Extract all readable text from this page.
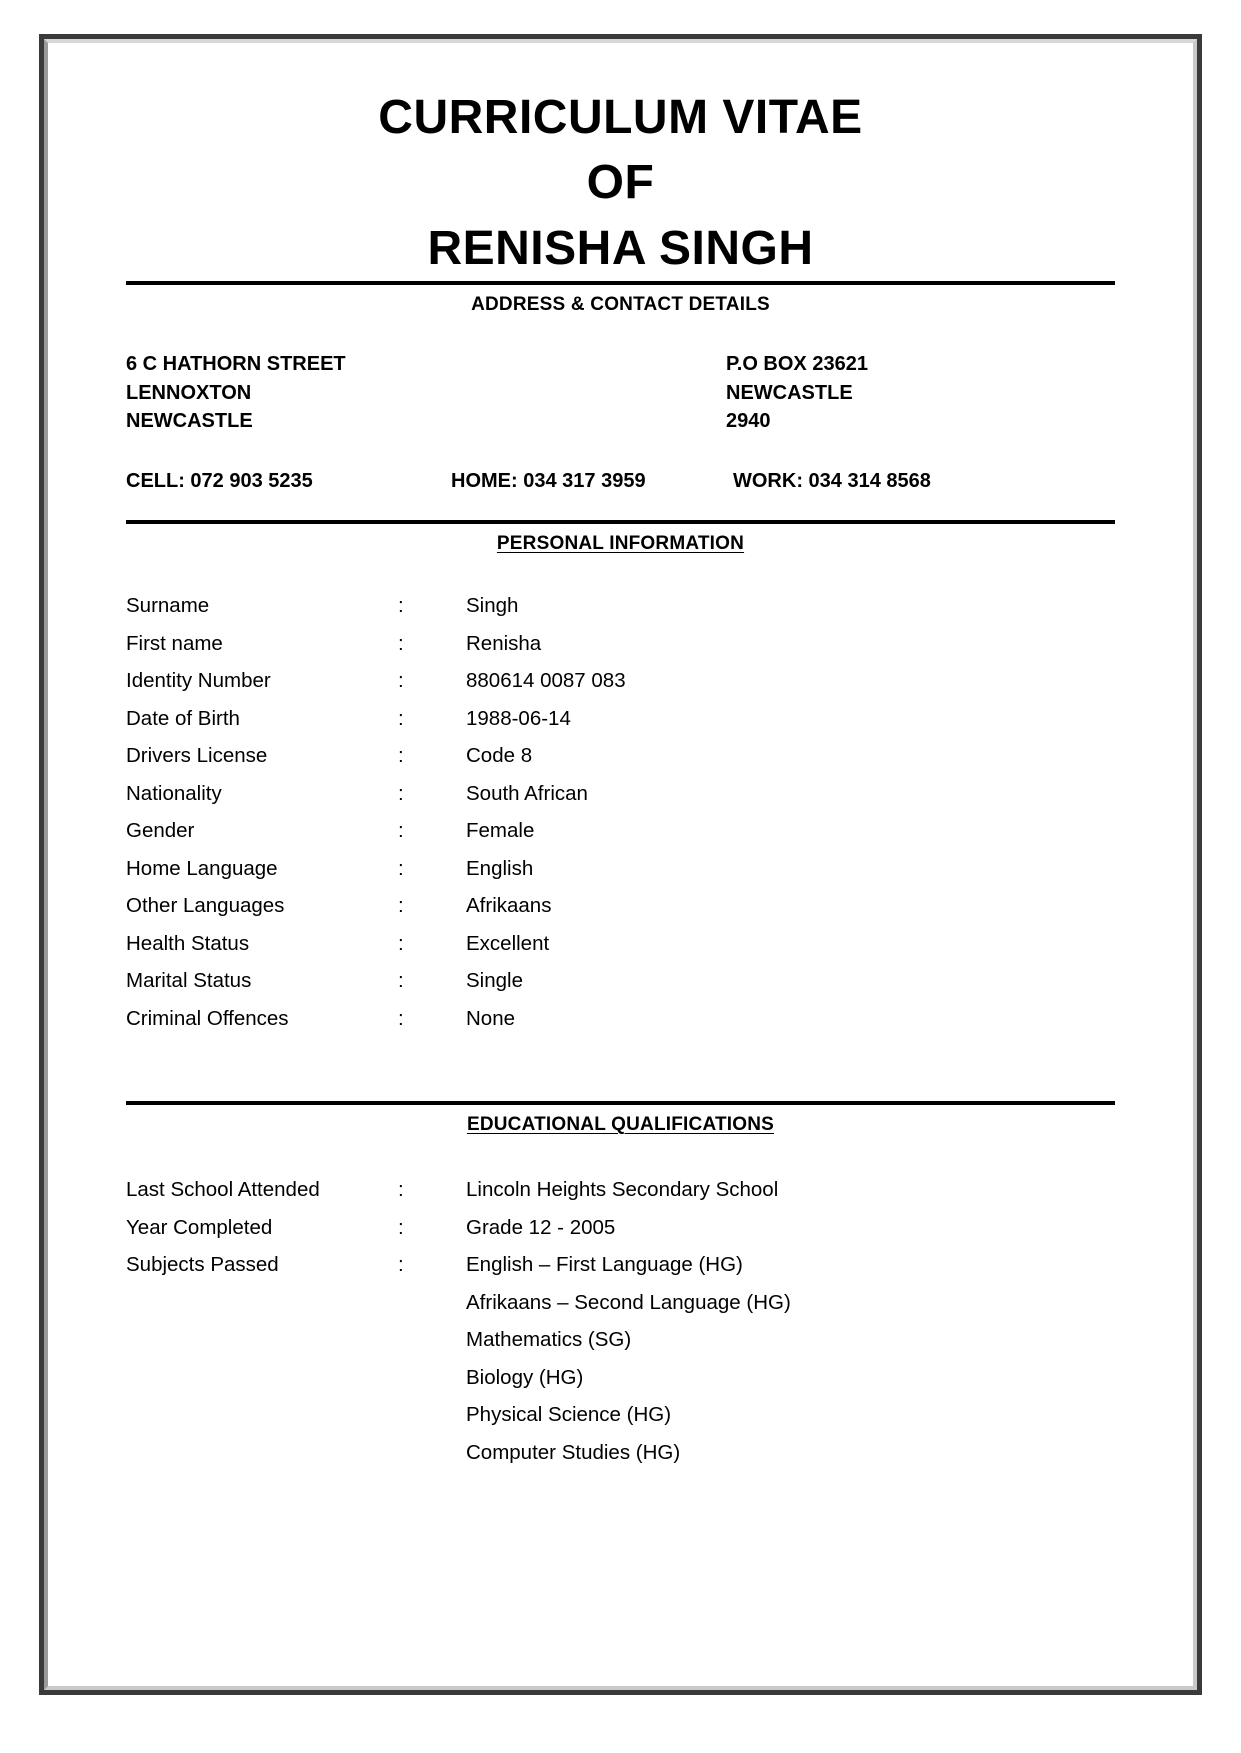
CURRICULUM VITAE
OF
RENISHA SINGH
ADDRESS & CONTACT DETAILS
6 C HATHORN STREET
LENNOXTON
NEWCASTLE
P.O BOX 23621
NEWCASTLE
2940
CELL: 072 903 5235	HOME: 034 317 3959	WORK: 034 314 8568
PERSONAL INFORMATION
Surname	:	Singh
First name	:	Renisha
Identity Number	:	880614 0087 083
Date of Birth	:	1988-06-14
Drivers License	:	Code 8
Nationality	:	South African
Gender	:	Female
Home Language	:	English
Other Languages	:	Afrikaans
Health Status	:	Excellent
Marital Status	:	Single
Criminal Offences	:	None
EDUCATIONAL QUALIFICATIONS
Last School Attended	:	Lincoln Heights Secondary School
Year Completed	:	Grade 12 - 2005
Subjects Passed	:	English – First Language (HG)
		Afrikaans – Second Language (HG)
		Mathematics (SG)
		Biology (HG)
		Physical Science (HG)
		Computer Studies (HG)
